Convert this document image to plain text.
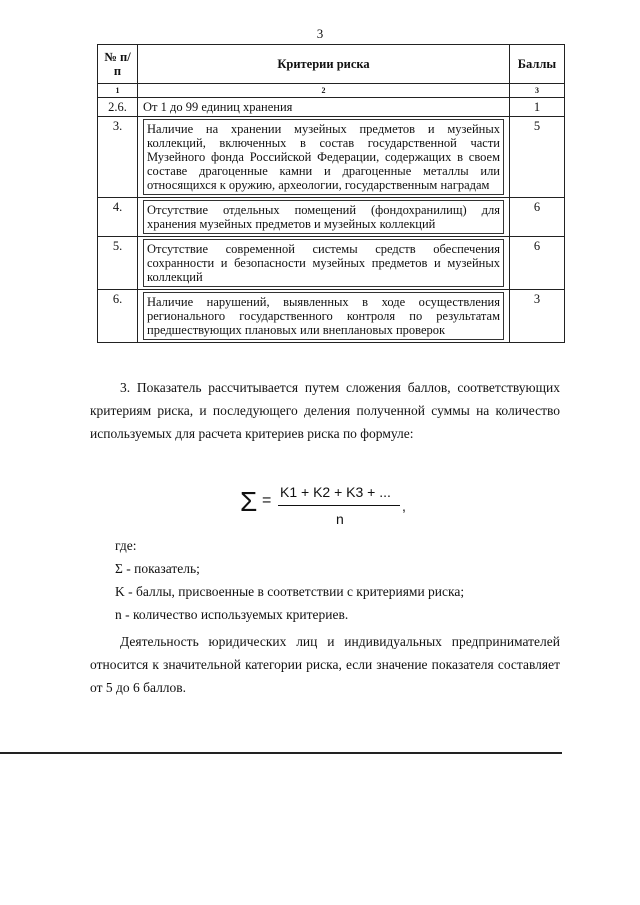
3
№ п/п	Критерии риска	Баллы
1	2	3
2.6.	От 1 до 99 единиц хранения	1
3.	Наличие на хранении музейных предметов и музейных коллекций, включенных в состав государственной части Музейного фонда Российской Федерации, содержащих в своем составе драгоценные камни и драгоценные металлы или относящихся к оружию, археологии, государственным наградам	5
4.	Отсутствие отдельных помещений (фондохранилищ) для хранения музейных предметов и музейных коллекций	6
5.	Отсутствие современной системы средств обеспечения сохранности и безопасности музейных предметов и музейных коллекций	6
6.	Наличие нарушений, выявленных в ходе осуществления регионального государственного контроля по результатам предшествующих плановых или внеплановых проверок	3

3. Показатель рассчитывается путем сложения баллов, соответствующих критериям риска, и последующего деления полученной суммы на количество используемых для расчета критериев риска по формуле:

Σ = K1 + K2 + K3 + ...
,
n

где:

Σ - показатель;

K - баллы, присвоенные в соответствии с критериями риска;

n - количество используемых критериев.

Деятельность юридических лиц и индивидуальных предпринимателей относится к значительной категории риска, если значение показателя составляет от 5 до 6 баллов.
